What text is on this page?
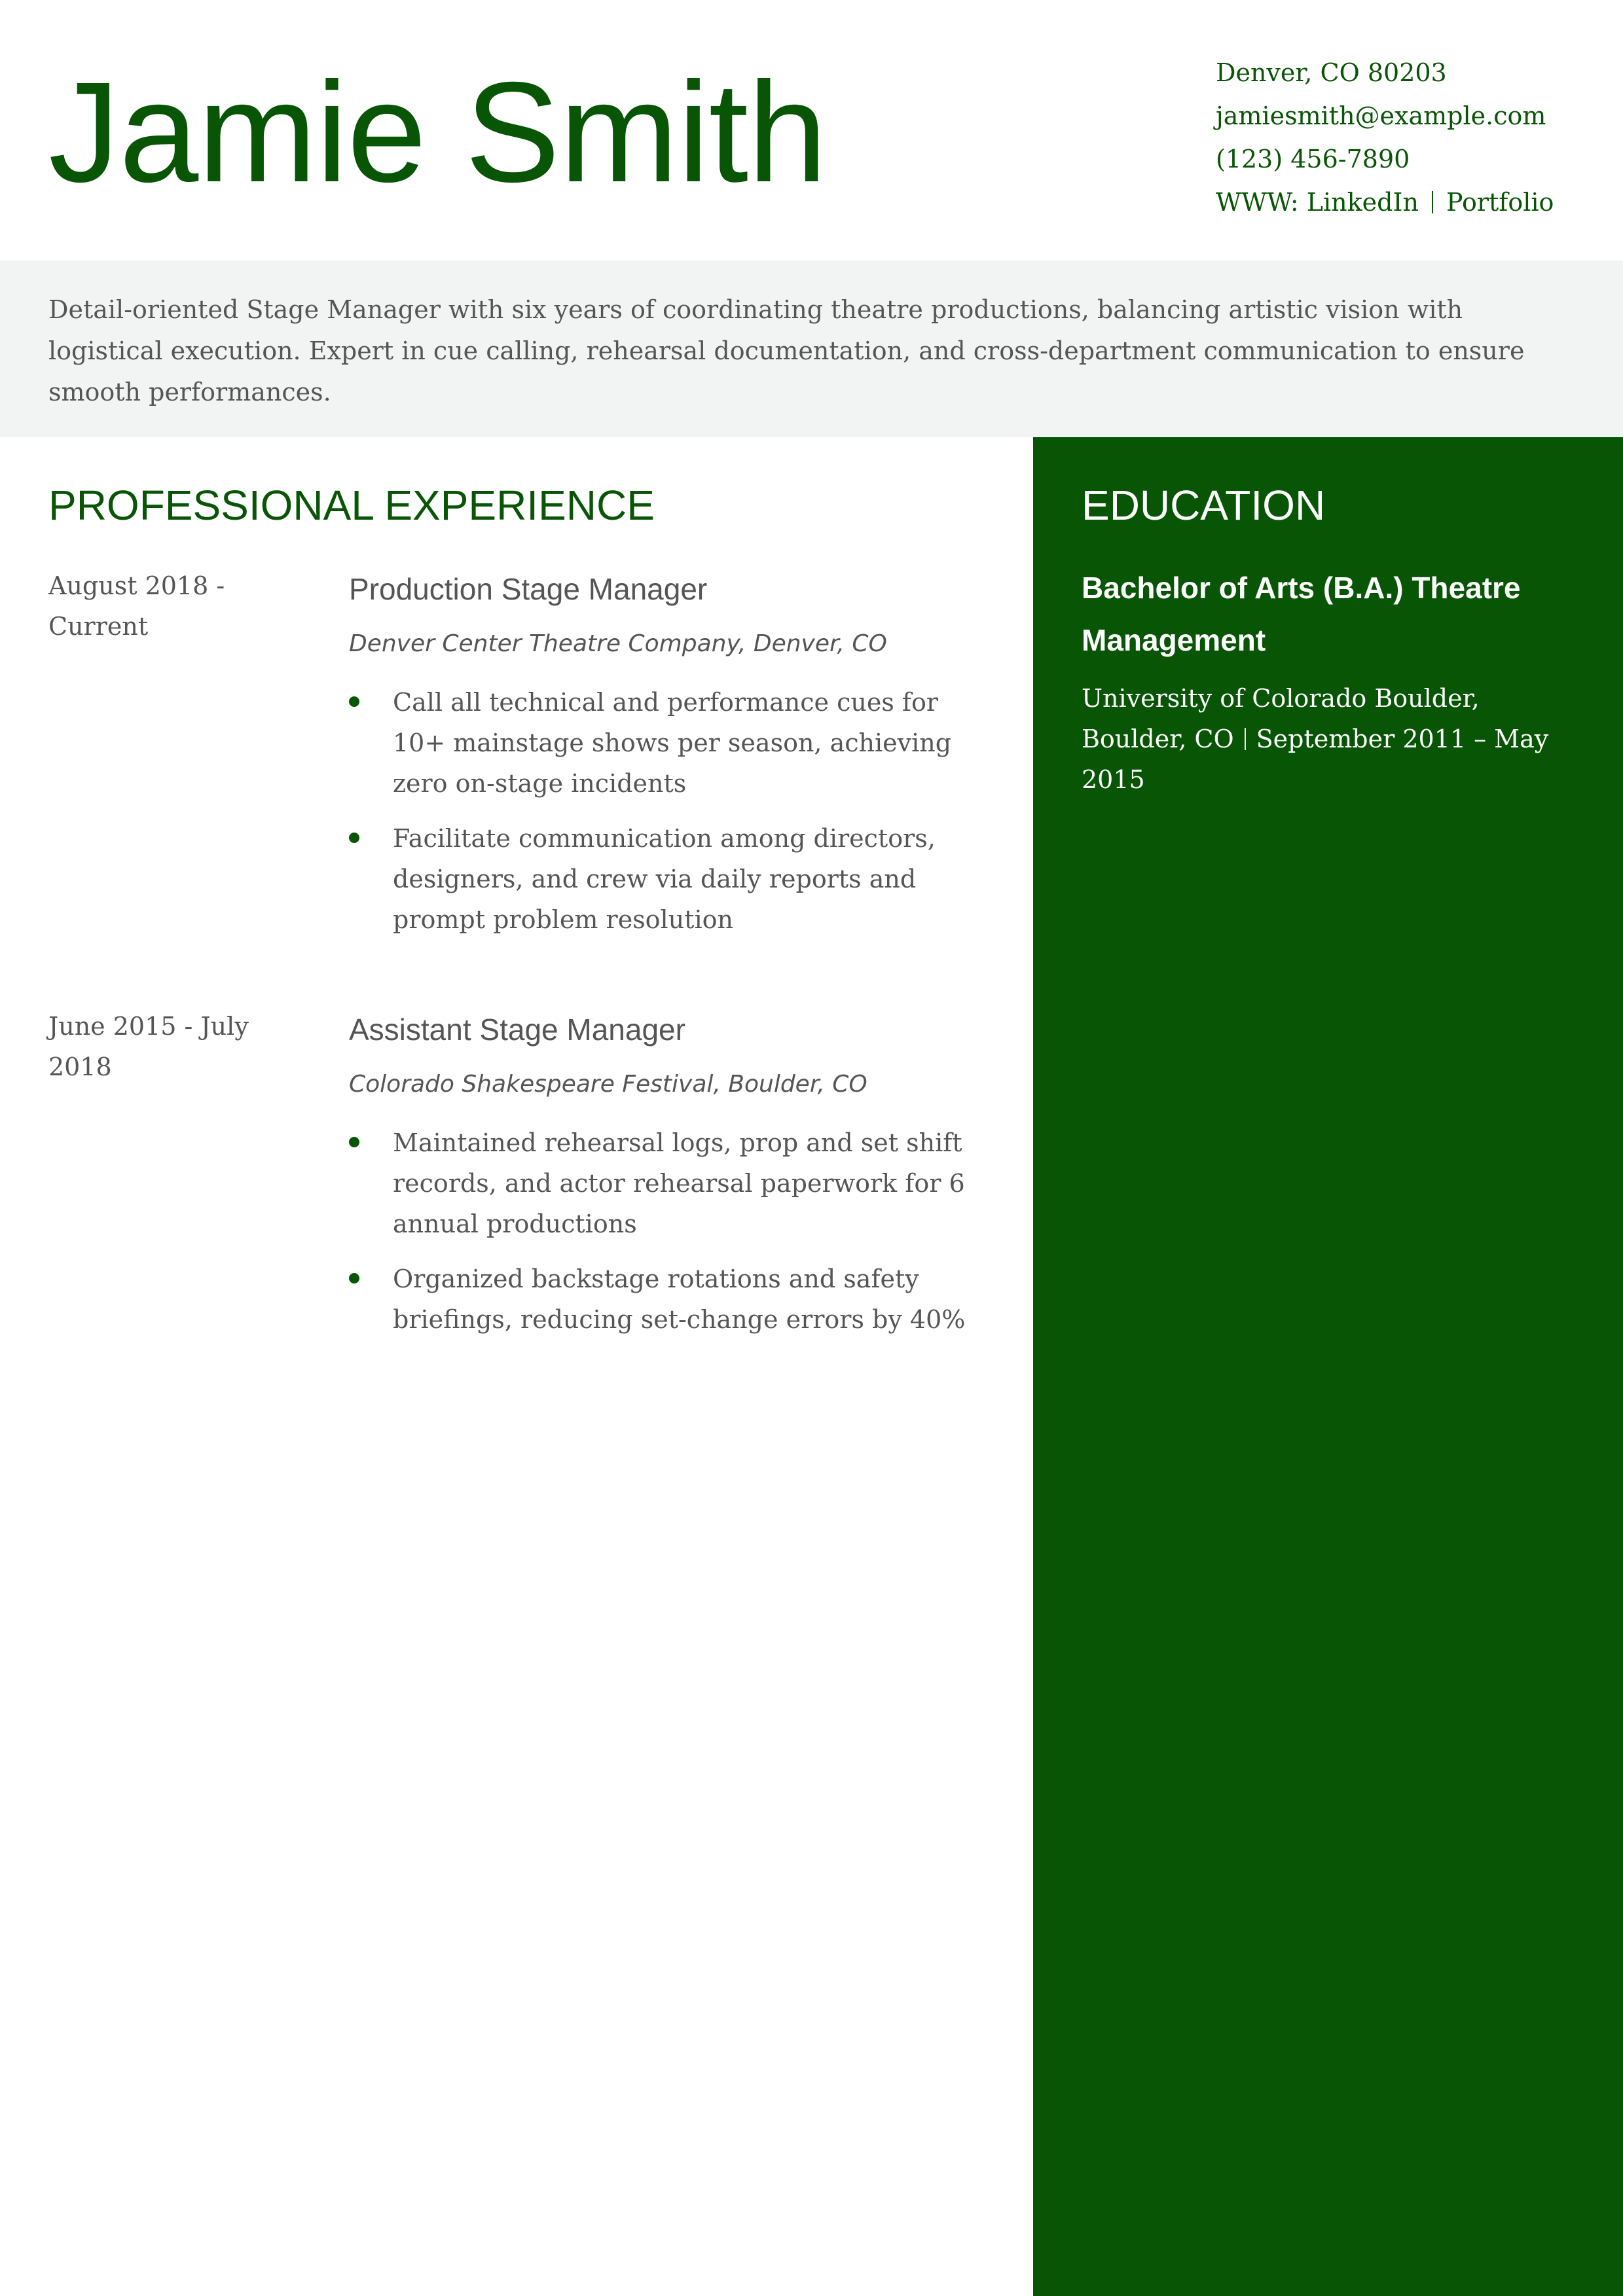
Jamie Smith	Denver, CO 80203
jamiesmith@example.com
(123) 456-7890
WWW: LinkedIn Portfolio

Detail-oriented Stage Manager with six years of coordinating theatre productions, balancing artistic vision with logistical execution. Expert in cue calling, rehearsal documentation, and cross-department communication to ensure smooth performances.

PROFESSIONAL EXPERIENCE
August 2018 - Current
Production Stage Manager
Denver Center Theatre Company, Denver, CO
Call all technical and performance cues for 10+ mainstage shows per season, achieving zero on-stage incidents
Facilitate communication among directors, designers, and crew via daily reports and prompt problem resolution
June 2015 - July 2018
Assistant Stage Manager
Colorado Shakespeare Festival, Boulder, CO
Maintained rehearsal logs, prop and set shift records, and actor rehearsal paperwork for 6 annual productions
Organized backstage rotations and safety briefings, reducing set-change errors by 40%
EDUCATION
Bachelor of Arts (B.A.) Theatre Management

University of Colorado Boulder, Boulder, CO September 2011 – May 2015
